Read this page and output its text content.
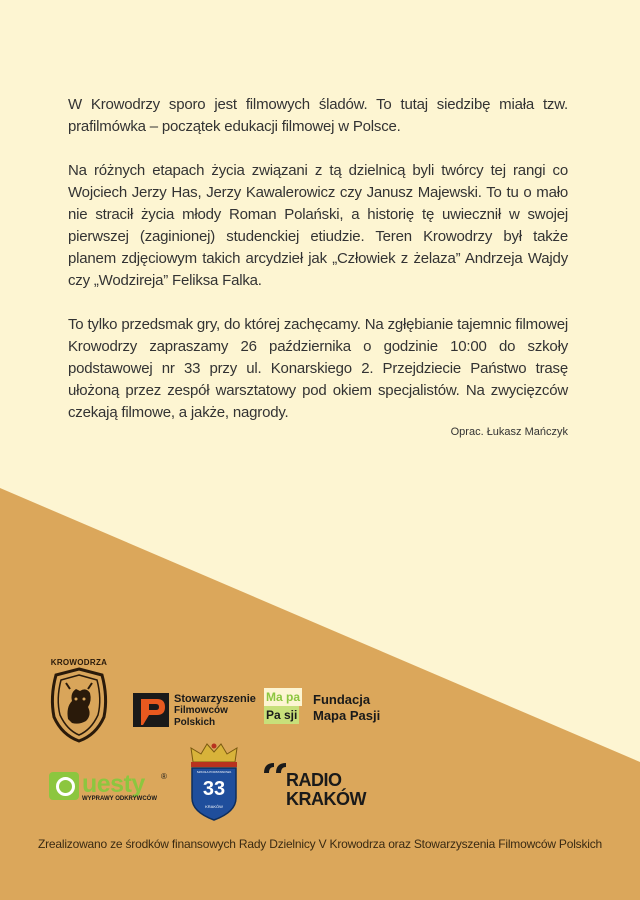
W Krowodrzy sporo jest filmowych śladów. To tutaj siedzibę miała tzw. prafilmówka – początek edukacji filmowej w Polsce.

Na różnych etapach życia związani z tą dzielnicą byli twórcy tej rangi co Wojciech Jerzy Has, Jerzy Kawalerowicz czy Janusz Majewski. To tu o mało nie stracił życia młody Roman Polański, a historię tę uwiecznił w swojej pierwszej (zaginionej) studenckiej etiudzie. Teren Krowodrzy był także planem zdjęciowym takich arcydzieł jak „Człowiek z żelaza” Andrzeja Wajdy czy „Wodzireja” Feliksa Falka.

To tylko przedsmak gry, do której zachęcamy. Na zgłębianie tajemnic filmowej Krowodrzy zapraszamy 26 października o godzinie 10:00 do szkoły podstawowej nr 33 przy ul. Konarskiego 2. Przejdziecie Państwo trasę ułożoną przez zespół warsztatowy pod okiem specjalistów. Na zwycięzców czekają filmowe, a jakże, nagrody.

Oprac. Łukasz Mańczyk
KROWODRZA
Stowarzyszenie
Filmowców
Polskich
Ma pa Pa sji
Fundacja
Mapa Pasji
uesty ®
WYPRAWY ODKRYWCÓW
SZKOŁA PODSTAWOWA
33
KRAKÓW
RADIO
KRAKÓW
Zrealizowano ze środków finansowych Rady Dzielnicy V Krowodrza oraz Stowarzyszenia Filmowców Polskich
